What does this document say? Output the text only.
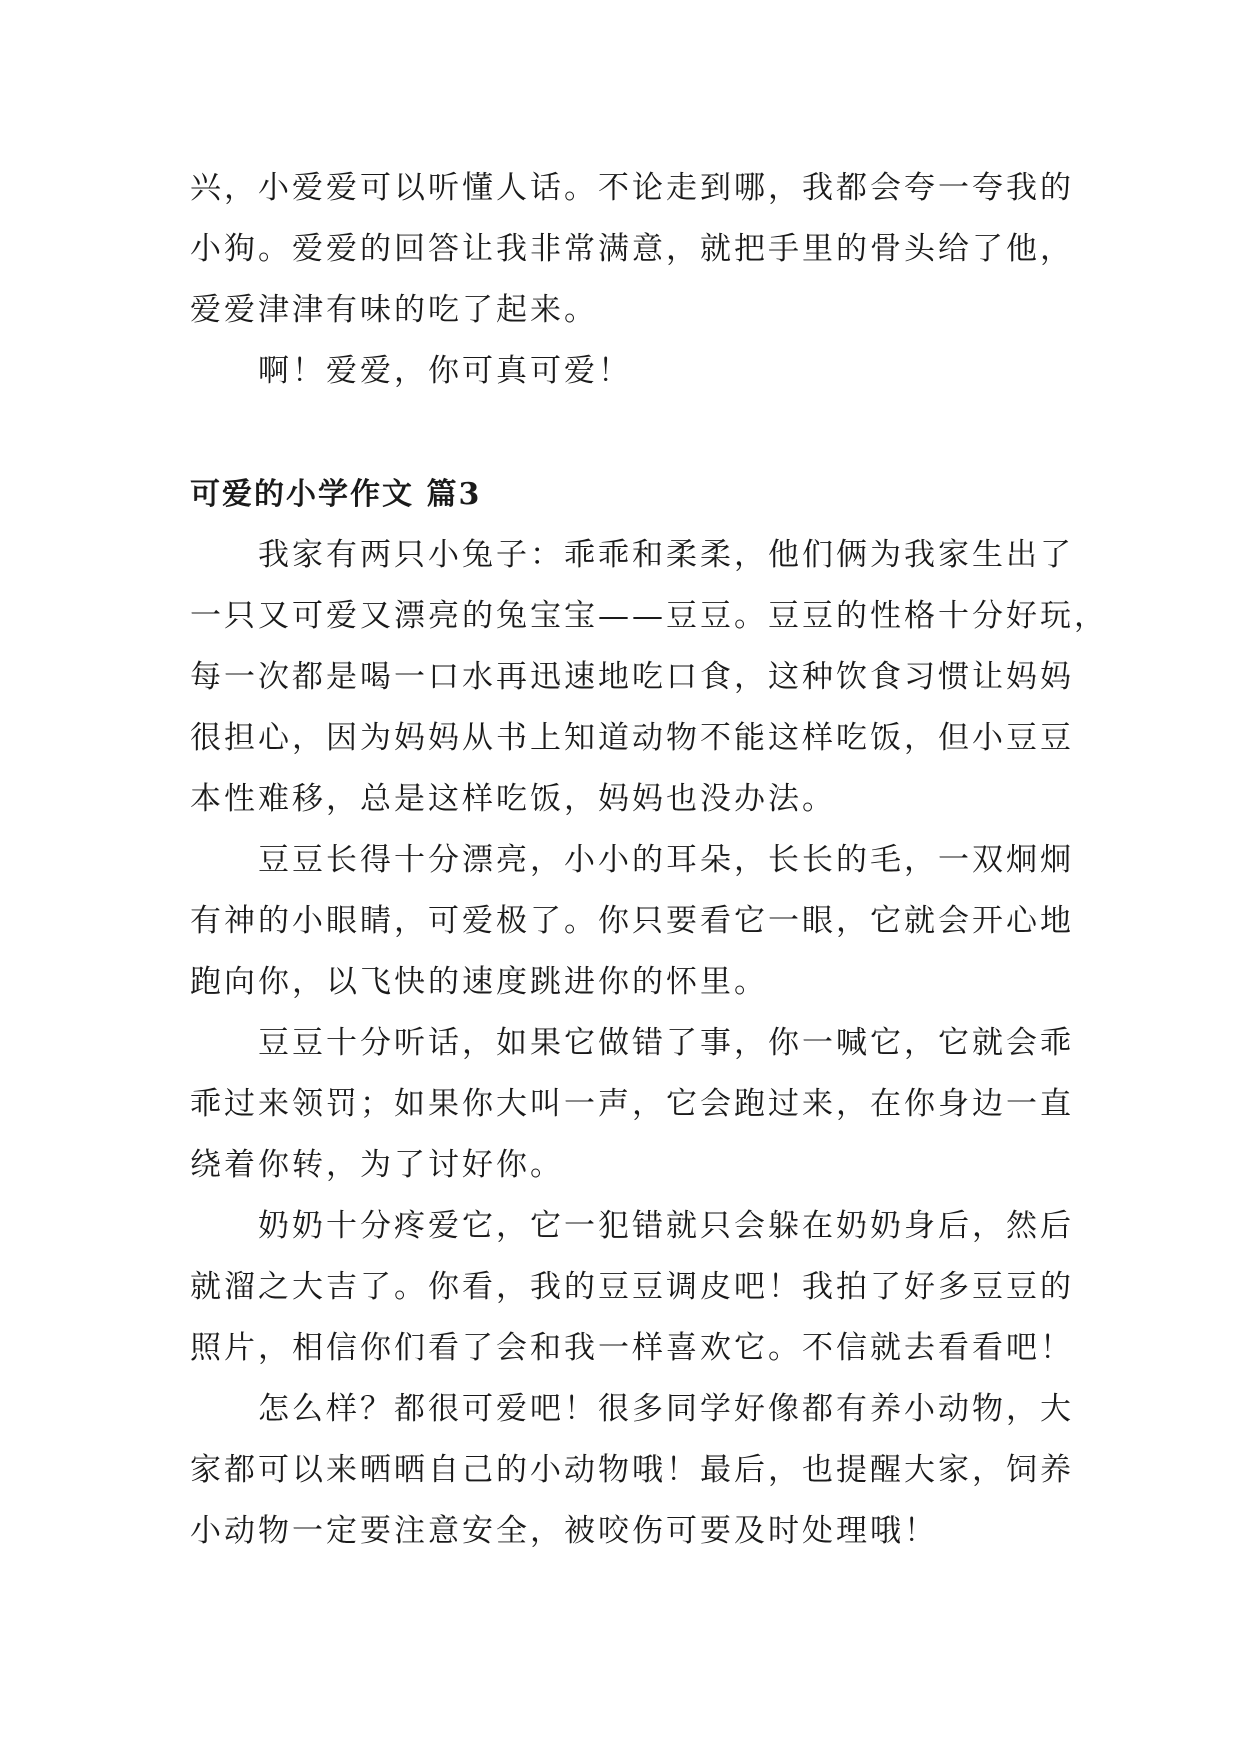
兴，小爱爱可以听懂人话。不论走到哪，我都会夸一夸我的
小狗。爱爱的回答让我非常满意，就把手里的骨头给了他，
爱爱津津有味的吃了起来。

啊！爱爱，你可真可爱！

可爱的小学作文 篇3

我家有两只小兔子：乖乖和柔柔，他们俩为我家生出了
一只又可爱又漂亮的兔宝宝——豆豆。豆豆的性格十分好玩，
每一次都是喝一口水再迅速地吃口食，这种饮食习惯让妈妈
很担心，因为妈妈从书上知道动物不能这样吃饭，但小豆豆
本性难移，总是这样吃饭，妈妈也没办法。

豆豆长得十分漂亮，小小的耳朵，长长的毛，一双炯炯
有神的小眼睛，可爱极了。你只要看它一眼，它就会开心地
跑向你，以飞快的速度跳进你的怀里。

豆豆十分听话，如果它做错了事，你一喊它，它就会乖
乖过来领罚；如果你大叫一声，它会跑过来，在你身边一直
绕着你转，为了讨好你。

奶奶十分疼爱它，它一犯错就只会躲在奶奶身后，然后
就溜之大吉了。你看，我的豆豆调皮吧！我拍了好多豆豆的
照片，相信你们看了会和我一样喜欢它。不信就去看看吧！

怎么样？都很可爱吧！很多同学好像都有养小动物，大
家都可以来晒晒自己的小动物哦！最后，也提醒大家，饲养
小动物一定要注意安全，被咬伤可要及时处理哦！
